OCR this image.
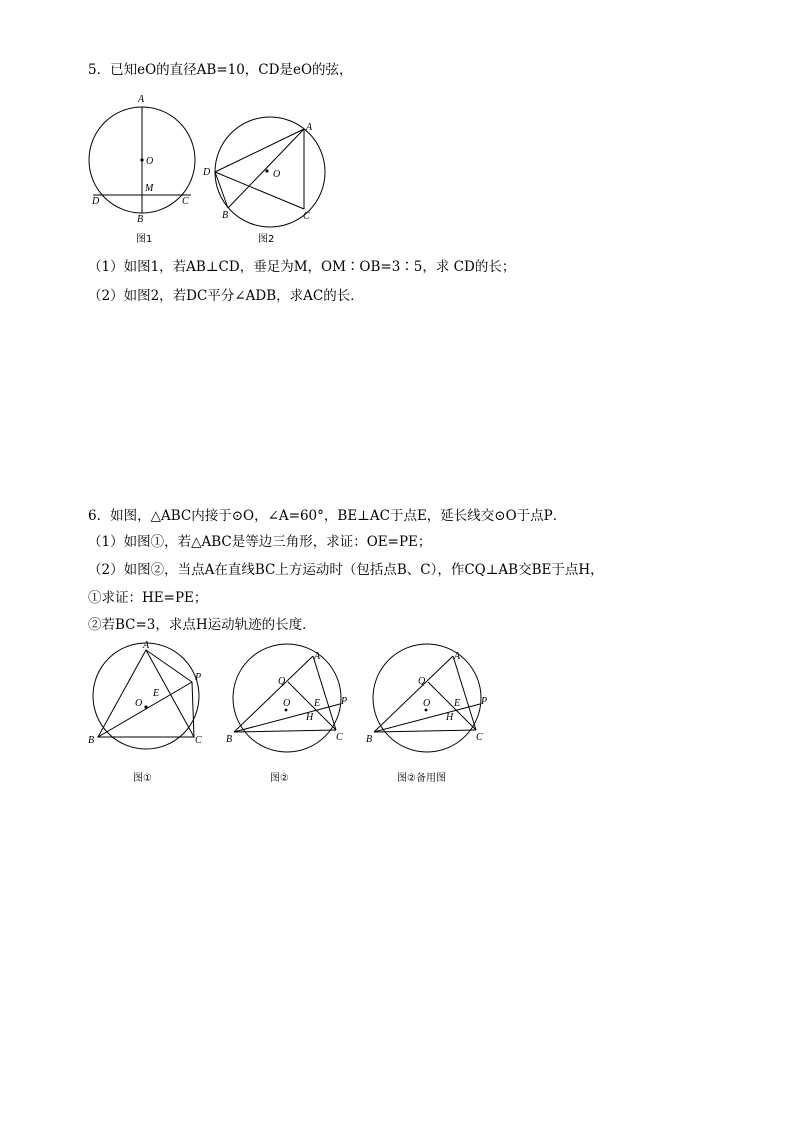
5．已知eO的直径AB=10，CD是eO的弦，
A
O
M
D
B
C
图1
A
O
D
B	C
图2
（1）如图1，若AB⊥CD，垂足为M，OM∶OB=3∶5，求 CD的长；
（2）如图2，若DC平分∠ADB，求AC的长．
6．如图，△ABC内接于⊙O，∠A=60°，BE⊥AC于点E，延长线交⊙O于点P．
（1）如图①，若△ABC是等边三角形，求证：OE=PE；
（2）如图②，当点A在直线BC上方运动时（包括点B、C），作CQ⊥AB交BE于点H，
①求证：HE=PE；
②若BC=3，求点H运动轨迹的长度．
A
P
E
O
B	C
图①
A
Q
O E P
H
B	C
图②
A
Q
O E P
H
B	C
图②备用图
